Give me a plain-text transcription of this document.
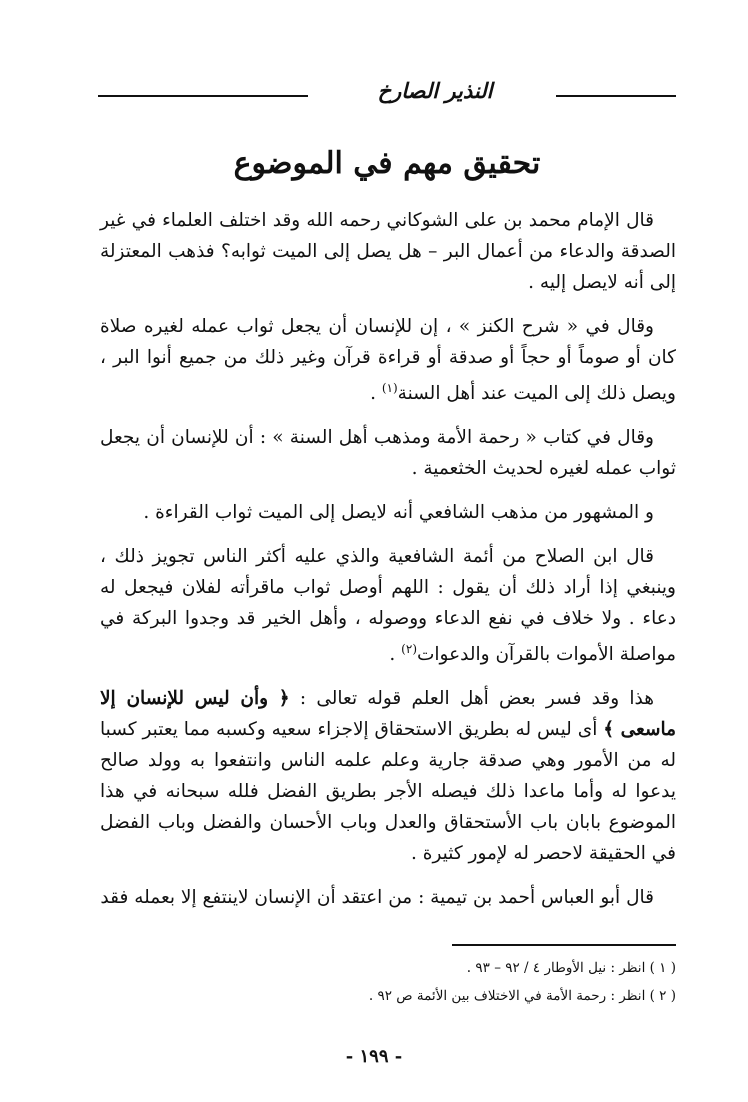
النذير الصارخ
تحقيق مهم في الموضوع

قال الإمام محمد بن على الشوكاني رحمه الله وقد اختلف العلماء في غير الصدقة والدعاء من أعمال البر – هل يصل إلى الميت ثوابه؟ فذهب المعتزلة إلى أنه لايصل إليه .

وقال في « شرح الكنز » ، إن للإنسان أن يجعل ثواب عمله لغيره صلاة كان أو صوماً أو حجاً أو صدقة أو قراءة قرآن وغير ذلك من جميع أنوا البر ، ويصل ذلك إلى الميت عند أهل السنة$^{(١)}$ .

وقال في كتاب « رحمة الأمة ومذهب أهل السنة » : أن للإنسان أن يجعل ثواب عمله لغيره لحديث الخثعمية .

و المشهور من مذهب الشافعي أنه لايصل إلى الميت ثواب القراءة .

قال ابن الصلاح من أئمة الشافعية والذي عليه أكثر الناس تجويز ذلك ، وينبغي إذا أراد ذلك أن يقول : اللهم أوصل ثواب ماقرأته لفلان فيجعل له دعاء . ولا خلاف في نفع الدعاء ووصوله ، وأهل الخير قد وجدوا البركة في مواصلة الأموات بالقرآن والدعوات$^{(٢)}$ .

هذا وقد فسر بعض أهل العلم قوله تعالى : ﴿ وأن ليس للإنسان إلا ماسعى ﴾ أى ليس له بطريق الاستحقاق إلاجزاء سعيه وكسبه مما يعتبر كسبا له من الأمور وهي صدقة جارية وعلم علمه الناس وانتفعوا به وولد صالح يدعوا له وأما ماعدا ذلك فيصله الأجر بطريق الفضل فلله سبحانه في هذا الموضوع بابان باب الأستحقاق والعدل وباب الأحسان والفضل وباب الفضل في الحقيقة لاحصر له لإمور كثيرة .

قال أبو العباس أحمد بن تيمية : من اعتقد أن الإنسان لاينتفع إلا بعمله فقد

( ١ ) انظر : نيل الأوطار ٤ / ٩٢ – ٩٣ .
( ٢ ) انظر : رحمة الأمة في الاختلاف بين الأئمة ص ٩٢ .
- ١٩٩ -
